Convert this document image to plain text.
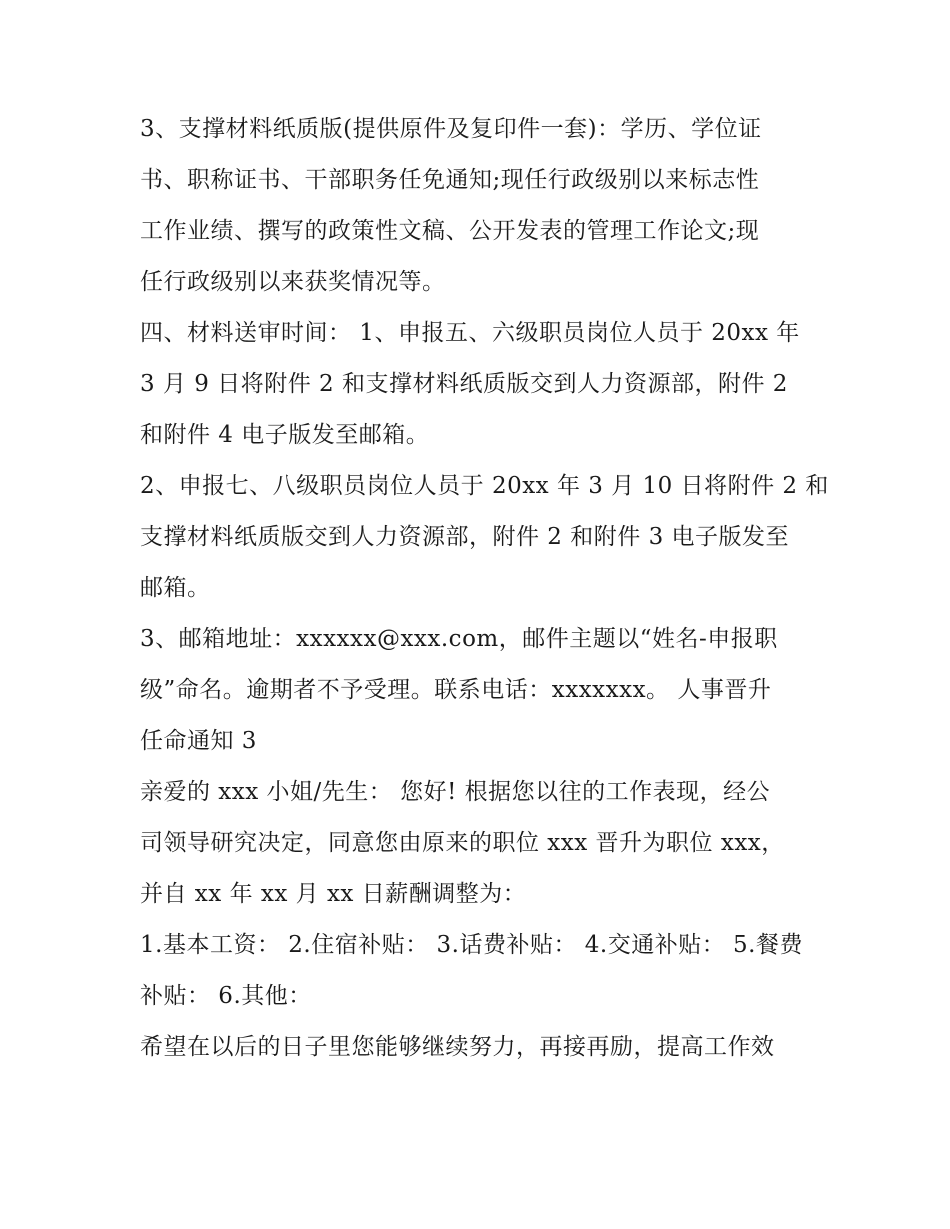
3、支撑材料纸质版(提供原件及复印件一套)：学历、学位证
书、职称证书、干部职务任免通知;现任行政级别以来标志性
工作业绩、撰写的政策性文稿、公开发表的管理工作论文;现
任行政级别以来获奖情况等。
四、材料送审时间： 1、申报五、六级职员岗位人员于 20xx 年
3 月 9 日将附件 2 和支撑材料纸质版交到人力资源部，附件 2
和附件 4 电子版发至邮箱。
2、申报七、八级职员岗位人员于 20xx 年 3 月 10 日将附件 2 和
支撑材料纸质版交到人力资源部，附件 2 和附件 3 电子版发至
邮箱。
3、邮箱地址：xxxxxx@xxx.com，邮件主题以“姓名-申报职
级”命名。逾期者不予受理。联系电话：xxxxxxx。 人事晋升
任命通知 3
亲爱的 xxx 小姐/先生： 您好! 根据您以往的工作表现，经公
司领导研究决定，同意您由原来的职位 xxx 晋升为职位 xxx，
并自 xx 年 xx 月 xx 日薪酬调整为：
1.基本工资： 2.住宿补贴： 3.话费补贴： 4.交通补贴： 5.餐费
补贴： 6.其他：
希望在以后的日子里您能够继续努力，再接再励，提高工作效
